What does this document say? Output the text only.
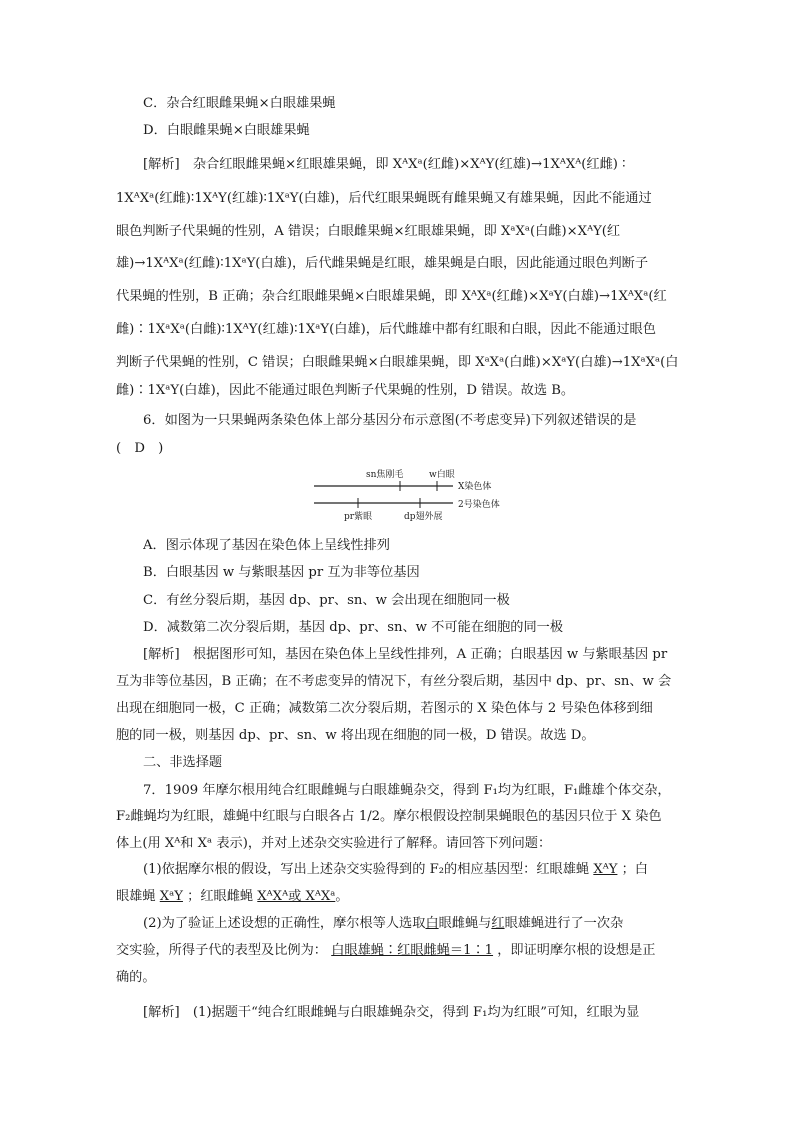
C．杂合红眼雌果蝇×白眼雄果蝇
D．白眼雌果蝇×白眼雄果蝇
[解析]　杂合红眼雌果蝇×红眼雄果蝇，即 XᴬXᵃ(红雌)×XᴬY(红雄)→1XᴬXᴬ(红雌) ∶
1XᴬXᵃ(红雌)∶1XᴬY(红雄)∶1XᵃY(白雄)，后代红眼果蝇既有雌果蝇又有雄果蝇，因此不能通过
眼色判断子代果蝇的性别，A 错误；白眼雌果蝇×红眼雄果蝇，即 XᵃXᵃ(白雌)×XᴬY(红
雄)→1XᴬXᵃ(红雌)∶1XᵃY(白雄)，后代雌果蝇是红眼，雄果蝇是白眼，因此能通过眼色判断子
代果蝇的性别，B 正确；杂合红眼雌果蝇×白眼雄果蝇，即 XᴬXᵃ(红雌)×XᵃY(白雄)→1XᴬXᵃ(红
雌)∶1XᵃXᵃ(白雌)∶1XᴬY(红雄)∶1XᵃY(白雄)，后代雌雄中都有红眼和白眼，因此不能通过眼色
判断子代果蝇的性别，C 错误；白眼雌果蝇×白眼雄果蝇，即 XᵃXᵃ(白雌)×XᵃY(白雄)→1XᵃXᵃ(白
雌)∶1XᵃY(白雄)，因此不能通过眼色判断子代果蝇的性别，D 错误。故选 B。
6．如图为一只果蝇两条染色体上部分基因分布示意图(不考虑变异)下列叙述错误的是
(　D　)
sn焦刚毛	w白眼
X染色体
2号染色体
pr紫眼	dp翅外展
A．图示体现了基因在染色体上呈线性排列
B．白眼基因 w 与紫眼基因 pr 互为非等位基因
C．有丝分裂后期，基因 dp、pr、sn、w 会出现在细胞同一极
D．减数第二次分裂后期，基因 dp、pr、sn、w 不可能在细胞的同一极
[解析]　根据图形可知，基因在染色体上呈线性排列，A 正确；白眼基因 w 与紫眼基因 pr
互为非等位基因，B 正确；在不考虑变异的情况下，有丝分裂后期，基因中 dp、pr、sn、w 会
出现在细胞同一极，C 正确；减数第二次分裂后期，若图示的 X 染色体与 2 号染色体移到细
胞的同一极，则基因 dp、pr、sn、w 将出现在细胞的同一极，D 错误。故选 D。
二、非选择题
7．1909 年摩尔根用纯合红眼雌蝇与白眼雄蝇杂交，得到 F₁均为红眼，F₁雌雄个体交杂，
F₂雌蝇均为红眼，雄蝇中红眼与白眼各占 1/2。摩尔根假设控制果蝇眼色的基因只位于 X 染色
体上(用 Xᴬ和 Xᵃ 表示)，并对上述杂交实验进行了解释。请回答下列问题：
(1)依据摩尔根的假设，写出上述杂交实验得到的 F₂的相应基因型：红眼雄蝇 XᴬY ；白
眼雄蝇 XᵃY ；红眼雌蝇 XᴬXᴬ或 XᴬXᵃ。
(2)为了验证上述设想的正确性，摩尔根等人选取白眼雌蝇与红眼雄蝇进行了一次杂
交实验，所得子代的表型及比例为： 白眼雄蝇∶红眼雌蝇＝1∶1 ，即证明摩尔根的设想是正
确的。
[解析]　(1)据题干“纯合红眼雌蝇与白眼雄蝇杂交，得到 F₁均为红眼”可知，红眼为显
